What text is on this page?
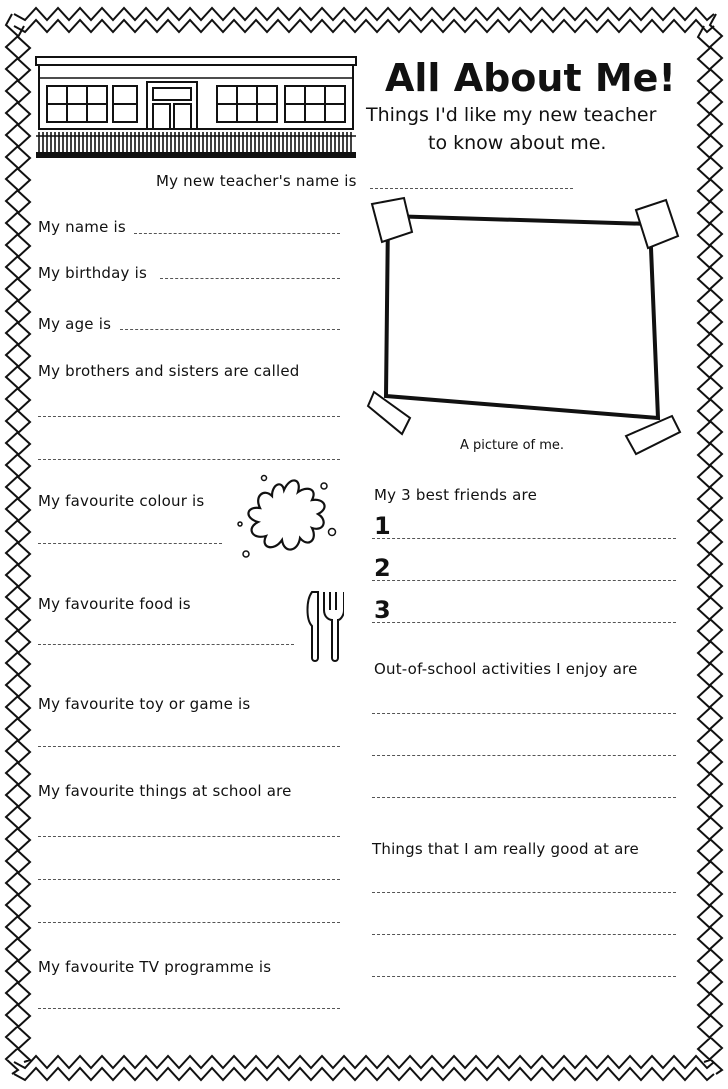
All About Me!
Things I'd like my new teacher
to know about me.
My new teacher's name is
My name is
My birthday is
My age is
My brothers and sisters are called
My favourite colour is
My favourite food is
My favourite toy or game is
My favourite things at school are
My favourite TV programme is
A picture of me.
My 3 best friends are
1
2
3
Out-of-school activities I enjoy are
Things that I am really good at are
